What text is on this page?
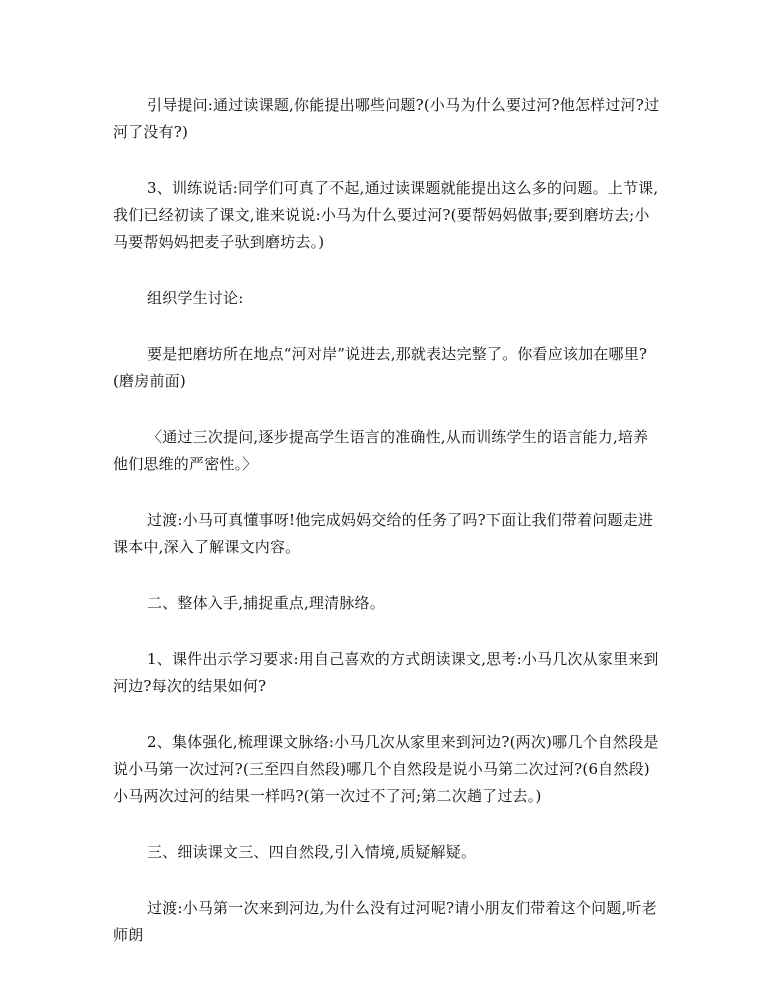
引导提问:通过读课题,你能提出哪些问题?(小马为什么要过河?他怎样过河?过河了没有?)

3、训练说话:同学们可真了不起,通过读课题就能提出这么多的问题。上节课,我们已经初读了课文,谁来说说:小马为什么要过河?(要帮妈妈做事;要到磨坊去;小马要帮妈妈把麦子驮到磨坊去。)

组织学生讨论:

要是把磨坊所在地点“河对岸”说进去,那就表达完整了。你看应该加在哪里?(磨房前面)

〈通过三次提问,逐步提高学生语言的准确性,从而训练学生的语言能力,培养他们思维的严密性。〉

过渡:小马可真懂事呀!他完成妈妈交给的任务了吗?下面让我们带着问题走进课本中,深入了解课文内容。

二、整体入手,捕捉重点,理清脉络。

1、课件出示学习要求:用自己喜欢的方式朗读课文,思考:小马几次从家里来到河边?每次的结果如何?

2、集体强化,梳理课文脉络:小马几次从家里来到河边?(两次)哪几个自然段是说小马第一次过河?(三至四自然段)哪几个自然段是说小马第二次过河?(6自然段)小马两次过河的结果一样吗?(第一次过不了河;第二次趟了过去。)

三、细读课文三、四自然段,引入情境,质疑解疑。

过渡:小马第一次来到河边,为什么没有过河呢?请小朋友们带着这个问题,听老师朗
